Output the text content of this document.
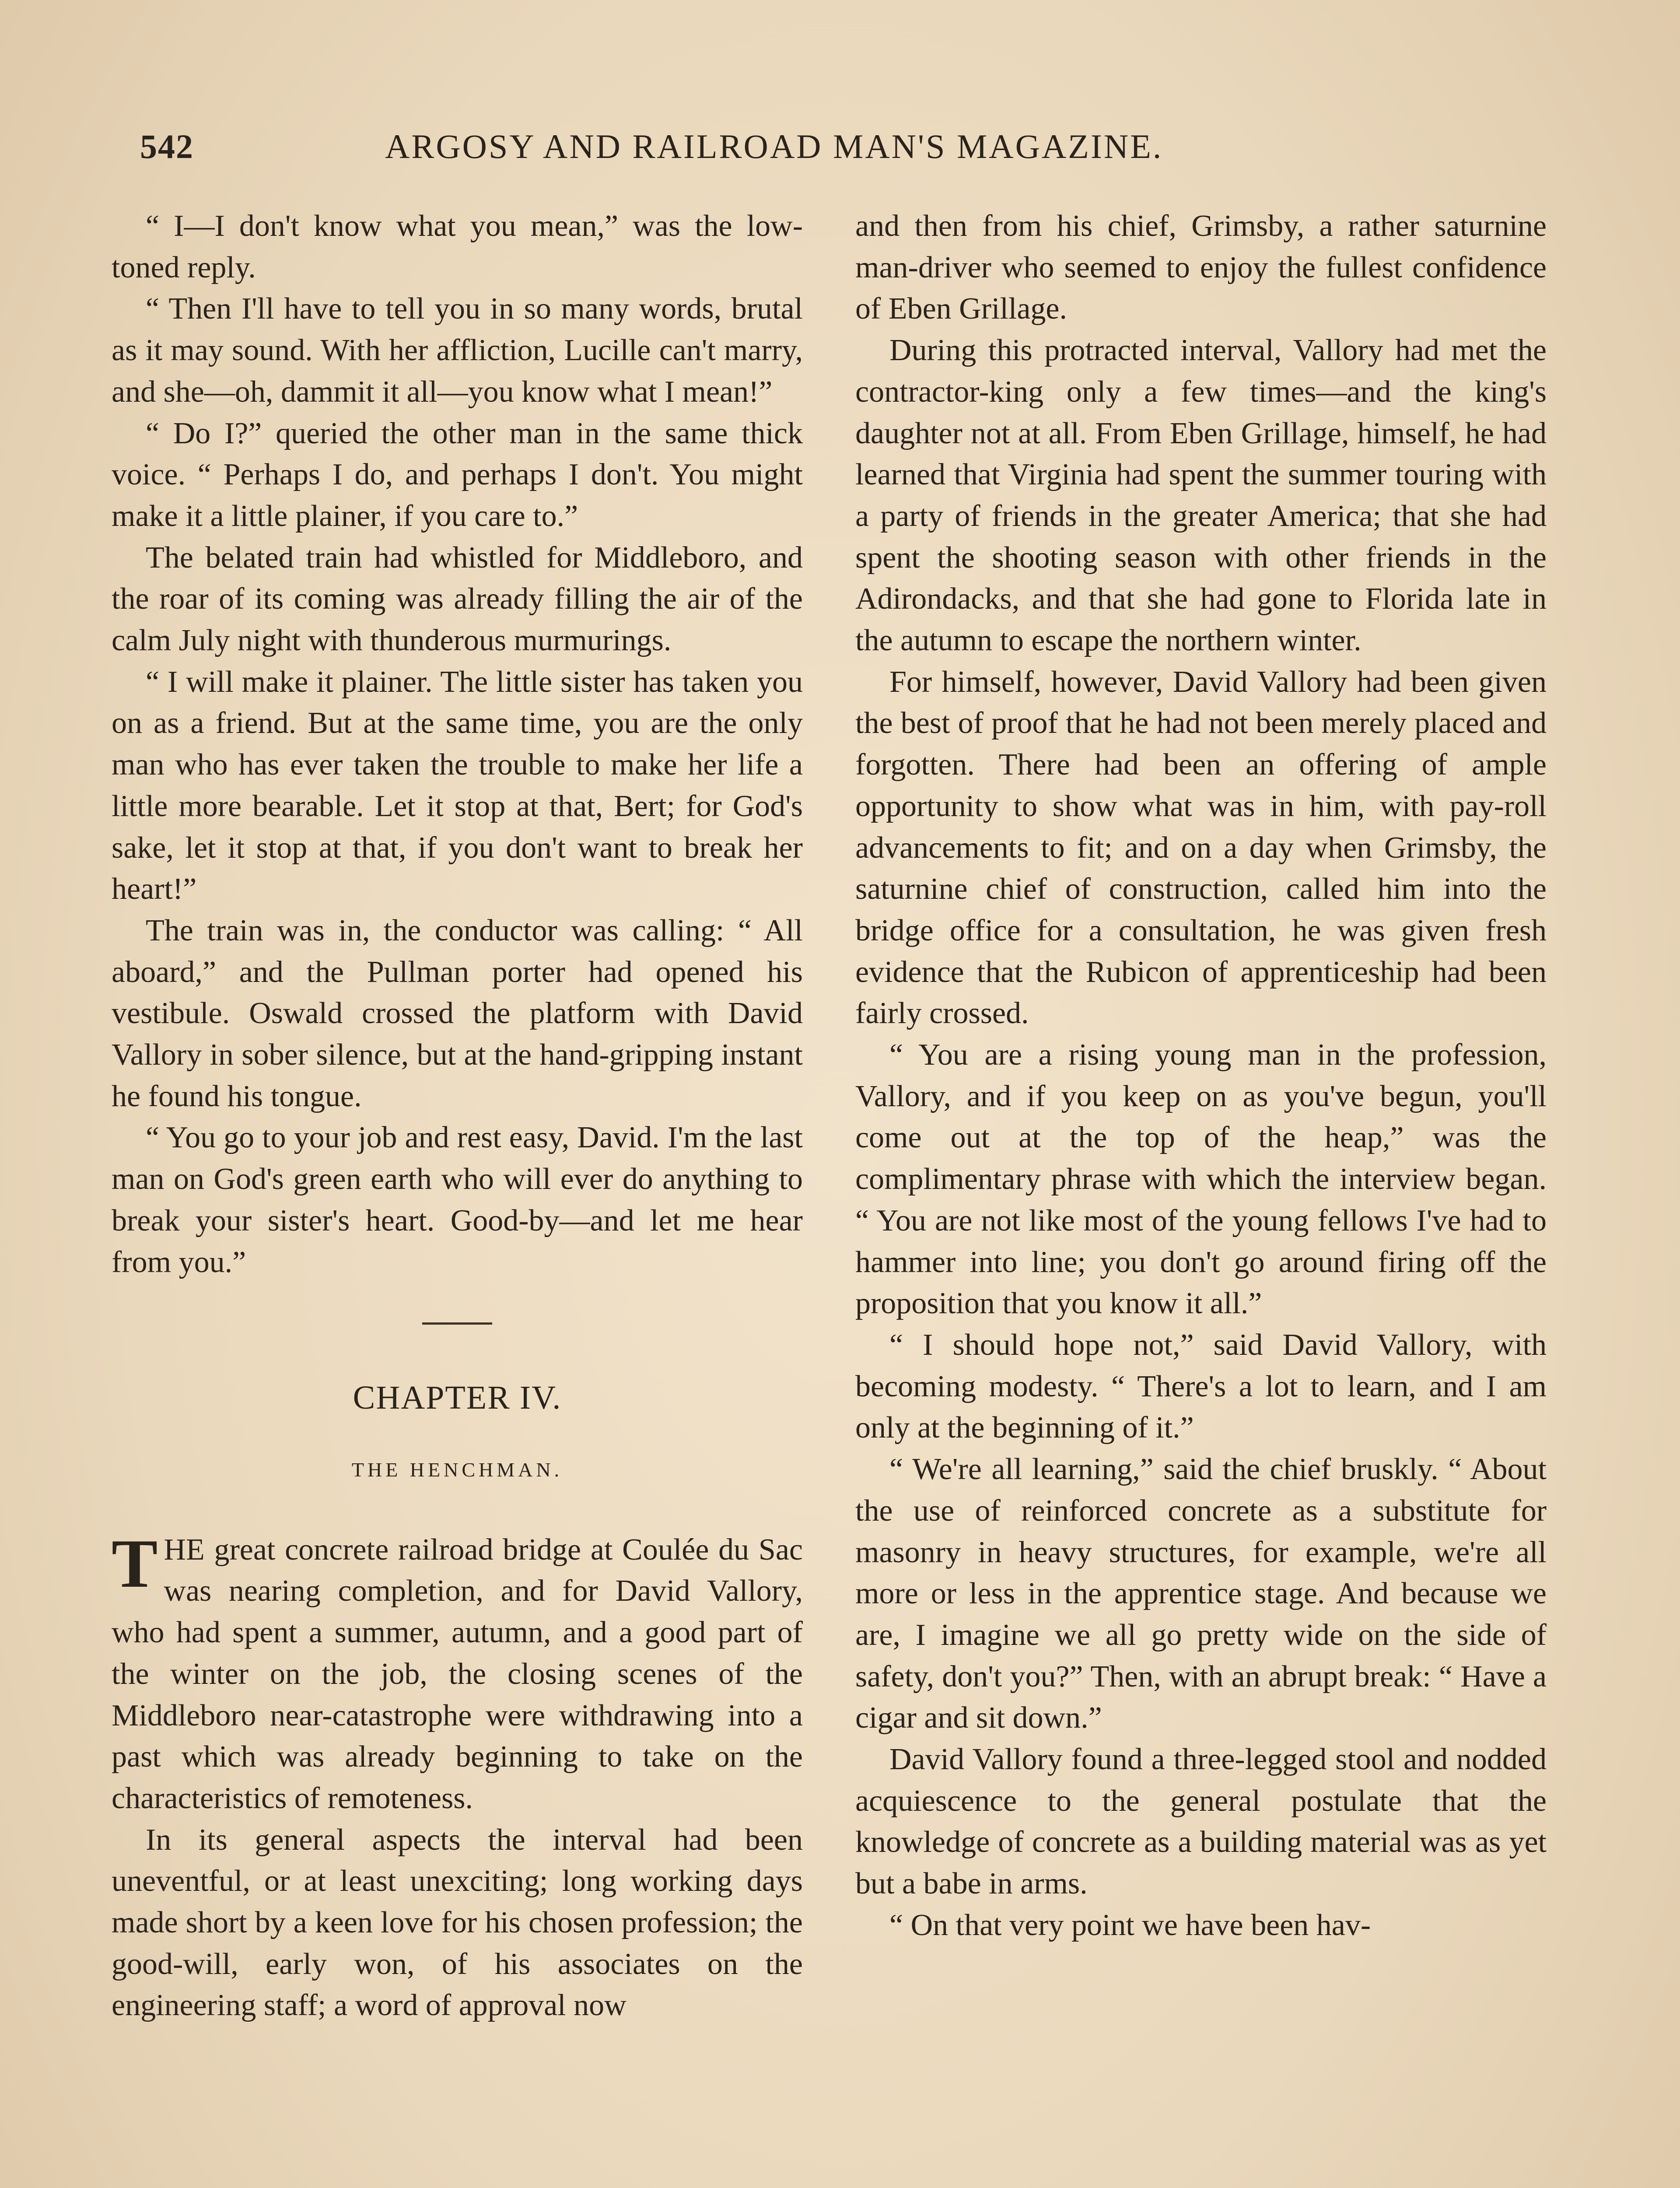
542	ARGOSY AND RAILROAD MAN'S MAGAZINE.

“ I—I don't know what you mean,” was the low-toned reply.

“ Then I'll have to tell you in so many words, brutal as it may sound. With her affliction, Lucille can't marry, and she—oh, dammit it all—you know what I mean!”

“ Do I?” queried the other man in the same thick voice. “ Perhaps I do, and perhaps I don't. You might make it a little plainer, if you care to.”

The belated train had whistled for Middleboro, and the roar of its coming was already filling the air of the calm July night with thunderous murmurings.

“ I will make it plainer. The little sister has taken you on as a friend. But at the same time, you are the only man who has ever taken the trouble to make her life a little more bearable. Let it stop at that, Bert; for God's sake, let it stop at that, if you don't want to break her heart!”

The train was in, the conductor was calling: “ All aboard,” and the Pullman porter had opened his vestibule. Oswald crossed the platform with David Vallory in sober silence, but at the hand-gripping instant he found his tongue.

“ You go to your job and rest easy, David. I'm the last man on God's green earth who will ever do anything to break your sister's heart. Good-by—and let me hear from you.”

CHAPTER IV.

THE HENCHMAN.

THE great concrete railroad bridge at Coulée du Sac was nearing completion, and for David Vallory, who had spent a summer, autumn, and a good part of the winter on the job, the closing scenes of the Middleboro near-catastrophe were withdrawing into a past which was already beginning to take on the characteristics of remoteness.

In its general aspects the interval had been uneventful, or at least unexciting; long working days made short by a keen love for his chosen profession; the good-will, early won, of his associates on the engineering staff; a word of approval now

and then from his chief, Grimsby, a rather saturnine man-driver who seemed to enjoy the fullest confidence of Eben Grillage.

During this protracted interval, Vallory had met the contractor-king only a few times—and the king's daughter not at all. From Eben Grillage, himself, he had learned that Virginia had spent the summer touring with a party of friends in the greater America; that she had spent the shooting season with other friends in the Adirondacks, and that she had gone to Florida late in the autumn to escape the northern winter.

For himself, however, David Vallory had been given the best of proof that he had not been merely placed and forgotten. There had been an offering of ample opportunity to show what was in him, with pay-roll advancements to fit; and on a day when Grimsby, the saturnine chief of construction, called him into the bridge office for a consultation, he was given fresh evidence that the Rubicon of apprenticeship had been fairly crossed.

“ You are a rising young man in the profession, Vallory, and if you keep on as you've begun, you'll come out at the top of the heap,” was the complimentary phrase with which the interview began. “ You are not like most of the young fellows I've had to hammer into line; you don't go around firing off the proposition that you know it all.”

“ I should hope not,” said David Vallory, with becoming modesty. “ There's a lot to learn, and I am only at the beginning of it.”

“ We're all learning,” said the chief bruskly. “ About the use of reinforced concrete as a substitute for masonry in heavy structures, for example, we're all more or less in the apprentice stage. And because we are, I imagine we all go pretty wide on the side of safety, don't you?” Then, with an abrupt break: “ Have a cigar and sit down.”

David Vallory found a three-legged stool and nodded acquiescence to the general postulate that the knowledge of concrete as a building material was as yet but a babe in arms.

“ On that very point we have been hav-
